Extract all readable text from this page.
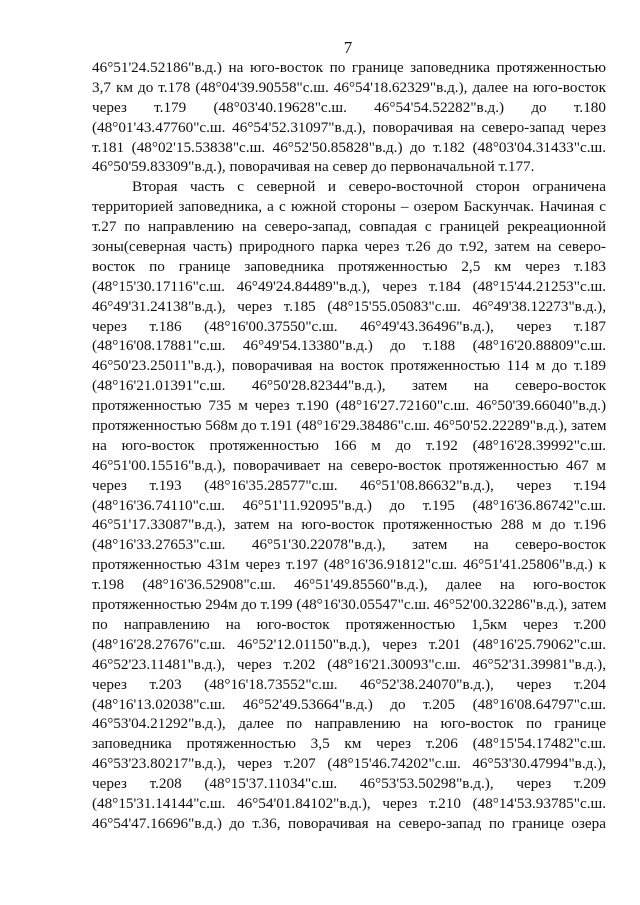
7
46°51'24.52186"в.д.) на юго-восток по границе заповедника протяженностью
3,7 км до т.178 (48°04'39.90558"с.ш. 46°54'18.62329"в.д.), далее на юго-восток
через т.179 (48°03'40.19628"с.ш. 46°54'54.52282"в.д.) до т.180
(48°01'43.47760"с.ш. 46°54'52.31097"в.д.), поворачивая на северо-запад через
т.181 (48°02'15.53838"с.ш. 46°52'50.85828"в.д.) до т.182 (48°03'04.31433"с.ш.
46°50'59.83309"в.д.), поворачивая на север до первоначальной т.177.
Вторая часть с северной и северо-восточной сторон ограничена
территорией заповедника, а с южной стороны – озером Баскунчак. Начиная с
т.27 по направлению на северо-запад, совпадая с границей рекреационной
зоны(северная часть) природного парка через т.26 до т.92, затем на северо-
восток по границе заповедника протяженностью 2,5 км через т.183
(48°15'30.17116"с.ш. 46°49'24.84489"в.д.), через т.184 (48°15'44.21253"с.ш.
46°49'31.24138"в.д.), через т.185 (48°15'55.05083"с.ш. 46°49'38.12273"в.д.),
через т.186 (48°16'00.37550"с.ш. 46°49'43.36496"в.д.), через т.187
(48°16'08.17881"с.ш. 46°49'54.13380"в.д.) до т.188 (48°16'20.88809"с.ш.
46°50'23.25011"в.д.), поворачивая на восток протяженностью 114 м до т.189
(48°16'21.01391"с.ш. 46°50'28.82344"в.д.), затем на северо-восток
протяженностью 735 м через т.190 (48°16'27.72160"с.ш. 46°50'39.66040"в.д.)
протяженностью 568м до т.191 (48°16'29.38486"с.ш. 46°50'52.22289"в.д.), затем
на юго-восток протяженностью 166 м до т.192 (48°16'28.39992"с.ш.
46°51'00.15516"в.д.), поворачивает на северо-восток протяженностью 467 м
через т.193 (48°16'35.28577"с.ш. 46°51'08.86632"в.д.), через т.194
(48°16'36.74110"с.ш. 46°51'11.92095"в.д.) до т.195 (48°16'36.86742"с.ш.
46°51'17.33087"в.д.), затем на юго-восток протяженностью 288 м до т.196
(48°16'33.27653"с.ш. 46°51'30.22078"в.д.), затем на северо-восток
протяженностью 431м через т.197 (48°16'36.91812"с.ш. 46°51'41.25806"в.д.) к
т.198 (48°16'36.52908"с.ш. 46°51'49.85560"в.д.), далее на юго-восток
протяженностью 294м до т.199 (48°16'30.05547"с.ш. 46°52'00.32286"в.д.), затем
по направлению на юго-восток протяженностью 1,5км через т.200
(48°16'28.27676"с.ш. 46°52'12.01150"в.д.), через т.201 (48°16'25.79062"с.ш.
46°52'23.11481"в.д.), через т.202 (48°16'21.30093"с.ш. 46°52'31.39981"в.д.),
через т.203 (48°16'18.73552"с.ш. 46°52'38.24070"в.д.), через т.204
(48°16'13.02038"с.ш. 46°52'49.53664"в.д.) до т.205 (48°16'08.64797"с.ш.
46°53'04.21292"в.д.), далее по направлению на юго-восток по границе
заповедника протяженностью 3,5 км через т.206 (48°15'54.17482"с.ш.
46°53'23.80217"в.д.), через т.207 (48°15'46.74202"с.ш. 46°53'30.47994"в.д.),
через т.208 (48°15'37.11034"с.ш. 46°53'53.50298"в.д.), через т.209
(48°15'31.14144"с.ш. 46°54'01.84102"в.д.), через т.210 (48°14'53.93785"с.ш.
46°54'47.16696"в.д.) до т.36, поворачивая на северо-запад по границе озера
